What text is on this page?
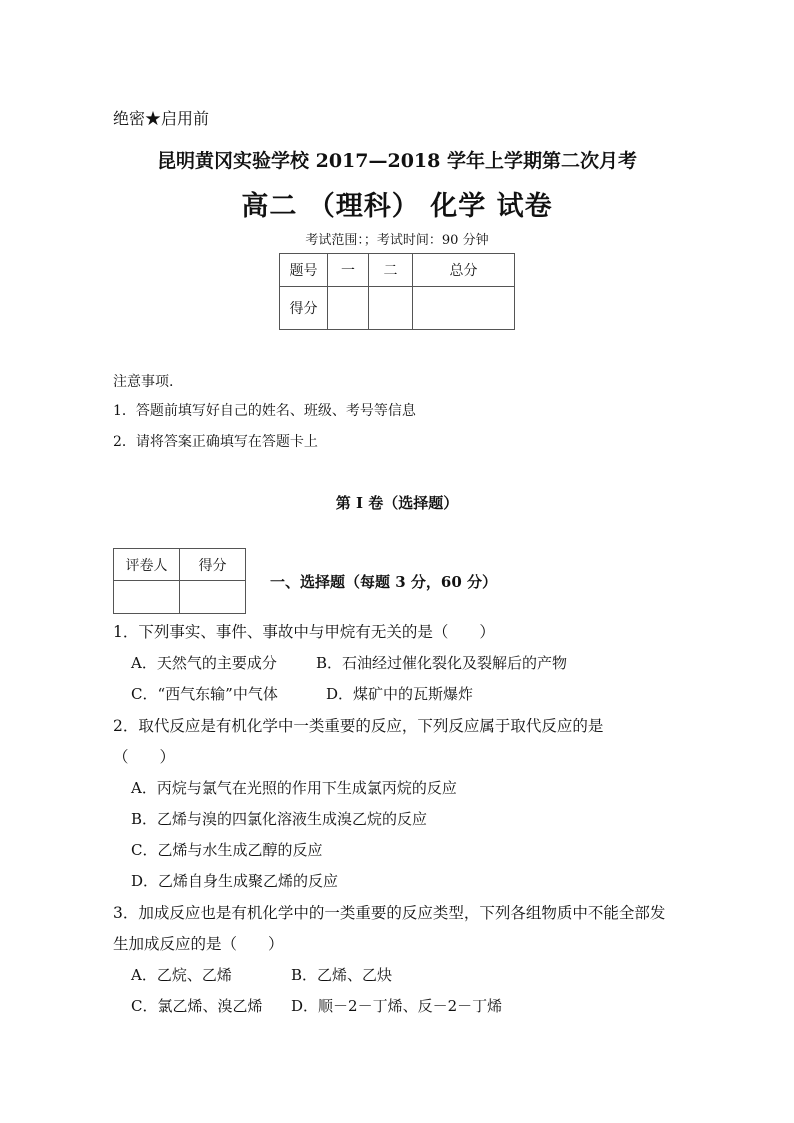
绝密★启用前
昆明黄冈实验学校 2017—2018 学年上学期第二次月考
高二 （理科） 化学 试卷
考试范围：；考试时间：90 分钟
题号	一	二	总分
得分			
注意事项.
1．答题前填写好自己的姓名、班级、考号等信息
2．请将答案正确填写在答题卡上
第 I 卷（选择题）
评卷人	得分

一、选择题（每题 3 分，60 分）
1．下列事实、事件、事故中与甲烷有无关的是（　　）
A．天然气的主要成分	B．石油经过催化裂化及裂解后的产物
C．“西气东输”中气体	D．煤矿中的瓦斯爆炸
2．取代反应是有机化学中一类重要的反应，下列反应属于取代反应的是
（　　）
A．丙烷与氯气在光照的作用下生成氯丙烷的反应
B．乙烯与溴的四氯化溶液生成溴乙烷的反应
C．乙烯与水生成乙醇的反应
D．乙烯自身生成聚乙烯的反应
3．加成反应也是有机化学中的一类重要的反应类型，下列各组物质中不能全部发
生加成反应的是（　　）
A．乙烷、乙烯	B．乙烯、乙炔
C．氯乙烯、溴乙烯 D．顺－2－丁烯、反－2－丁烯
